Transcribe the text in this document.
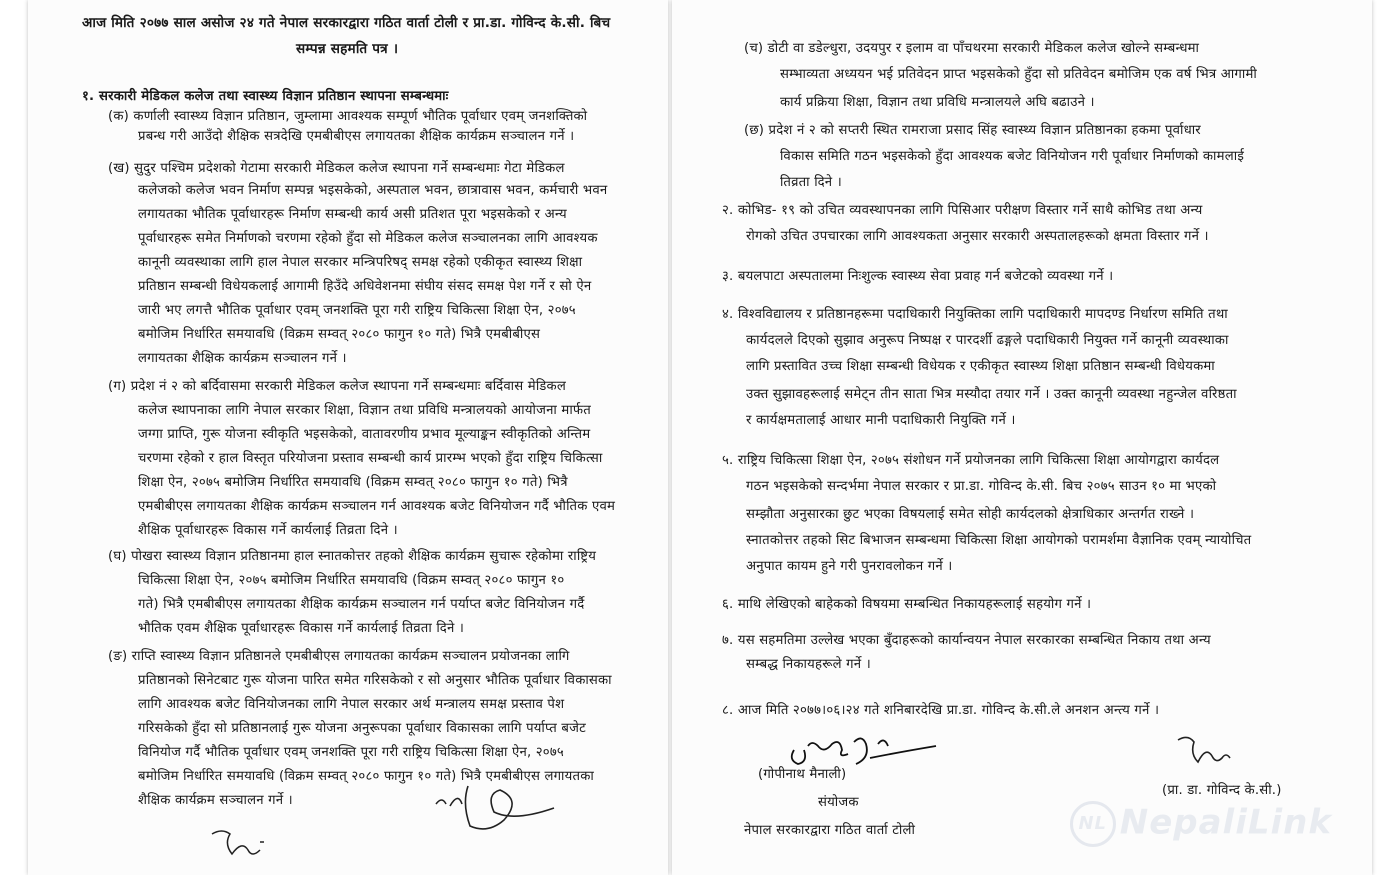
आज मिति २०७७ साल असोज २४ गते नेपाल सरकारद्वारा गठित वार्ता टोली र प्रा.डा. गोविन्द के.सी. बिच
सम्पन्न सहमति पत्र ।
१. सरकारी मेडिकल कलेज तथा स्वास्थ्य विज्ञान प्रतिष्ठान स्थापना सम्बन्धमाः
(क) कर्णाली स्वास्थ्य विज्ञान प्रतिष्ठान, जुम्लामा आवश्यक सम्पूर्ण भौतिक पूर्वाधार एवम् जनशक्तिको
प्रबन्ध गरी आउँदो शैक्षिक सत्रदेखि एमबीबीएस लगायतका शैक्षिक कार्यक्रम सञ्चालन गर्ने ।
(ख) सुदुर पश्चिम प्रदेशको गेटामा सरकारी मेडिकल कलेज स्थापना गर्ने सम्बन्धमाः गेटा मेडिकल
कलेजको कलेज भवन निर्माण सम्पन्न भइसकेको, अस्पताल भवन, छात्रावास भवन, कर्मचारी भवन
लगायतका भौतिक पूर्वाधारहरू निर्माण सम्बन्धी कार्य असी प्रतिशत पूरा भइसकेको र अन्य
पूर्वाधारहरू समेत निर्माणको चरणमा रहेको हुँदा सो मेडिकल कलेज सञ्चालनका लागि आवश्यक
कानूनी व्यवस्थाका लागि हाल नेपाल सरकार मन्त्रिपरिषद् समक्ष रहेको एकीकृत स्वास्थ्य शिक्षा
प्रतिष्ठान सम्बन्धी विधेयकलाई आगामी हिउँदे अधिवेशनमा संघीय संसद समक्ष पेश गर्ने र सो ऐन
जारी भए लगत्तै भौतिक पूर्वाधार एवम् जनशक्ति पूरा गरी राष्ट्रिय चिकित्सा शिक्षा ऐन, २०७५
बमोजिम निर्धारित समयावधि (विक्रम सम्वत् २०८० फागुन १० गते) भित्रै एमबीबीएस
लगायतका शैक्षिक कार्यक्रम सञ्चालन गर्ने ।
(ग) प्रदेश नं २ को बर्दिवासमा सरकारी मेडिकल कलेज स्थापना गर्ने सम्बन्धमाः बर्दिवास मेडिकल
कलेज स्थापनाका लागि नेपाल सरकार शिक्षा, विज्ञान तथा प्रविधि मन्त्रालयको आयोजना मार्फत
जग्गा प्राप्ति, गुरू योजना स्वीकृति भइसकेको, वातावरणीय प्रभाव मूल्याङ्कन स्वीकृतिको अन्तिम
चरणमा रहेको र हाल विस्तृत परियोजना प्रस्ताव सम्बन्धी कार्य प्रारम्भ भएको हुँदा राष्ट्रिय चिकित्सा
शिक्षा ऐन, २०७५ बमोजिम निर्धारित समयावधि (विक्रम सम्वत् २०८० फागुन १० गते) भित्रै
एमबीबीएस लगायतका शैक्षिक कार्यक्रम सञ्चालन गर्न आवश्यक बजेट विनियोजन गर्दै भौतिक एवम
शैक्षिक पूर्वाधारहरू विकास गर्ने कार्यलाई तिव्रता दिने ।
(घ) पोखरा स्वास्थ्य विज्ञान प्रतिष्ठानमा हाल स्नातकोत्तर तहको शैक्षिक कार्यक्रम सुचारू रहेकोमा राष्ट्रिय
चिकित्सा शिक्षा ऐन, २०७५ बमोजिम निर्धारित समयावधि (विक्रम सम्वत् २०८० फागुन १०
गते) भित्रै एमबीबीएस लगायतका शैक्षिक कार्यक्रम सञ्चालन गर्न पर्याप्त बजेट विनियोजन गर्दै
भौतिक एवम शैक्षिक पूर्वाधारहरू विकास गर्ने कार्यलाई तिव्रता दिने ।
(ङ) राप्ति स्वास्थ्य विज्ञान प्रतिष्ठानले एमबीबीएस लगायतका कार्यक्रम सञ्चालन प्रयोजनका लागि
प्रतिष्ठानको सिनेटबाट गुरू योजना पारित समेत गरिसकेको र सो अनुसार भौतिक पूर्वाधार विकासका
लागि आवश्यक बजेट विनियोजनका लागि नेपाल सरकार अर्थ मन्त्रालय समक्ष प्रस्ताव पेश
गरिसकेको हुँदा सो प्रतिष्ठानलाई गुरू योजना अनुरूपका पूर्वाधार विकासका लागि पर्याप्त बजेट
विनियोज गर्दै भौतिक पूर्वाधार एवम् जनशक्ति पूरा गरी राष्ट्रिय चिकित्सा शिक्षा ऐन, २०७५
बमोजिम निर्धारित समयावधि (विक्रम सम्वत् २०८० फागुन १० गते) भित्रै एमबीबीएस लगायतका
शैक्षिक कार्यक्रम सञ्चालन गर्ने ।
(च) डोटी वा डडेल्धुरा, उदयपुर र इलाम वा पाँचथरमा सरकारी मेडिकल कलेज खोल्ने सम्बन्धमा
सम्भाव्यता अध्ययन भई प्रतिवेदन प्राप्त भइसकेको हुँदा सो प्रतिवेदन बमोजिम एक वर्ष भित्र आगामी
कार्य प्रक्रिया शिक्षा, विज्ञान तथा प्रविधि मन्त्रालयले अघि बढाउने ।
(छ) प्रदेश नं २ को सप्तरी स्थित रामराजा प्रसाद सिंह स्वास्थ्य विज्ञान प्रतिष्ठानका हकमा पूर्वाधार
विकास समिति गठन भइसकेको हुँदा आवश्यक बजेट विनियोजन गरी पूर्वाधार निर्माणको कामलाई
तिव्रता दिने ।
२. कोभिड- १९ को उचित व्यवस्थापनका लागि पिसिआर परीक्षण विस्तार गर्ने साथै कोभिड तथा अन्य
रोगको उचित उपचारका लागि आवश्यकता अनुसार सरकारी अस्पतालहरूको क्षमता विस्तार गर्ने ।
३. बयलपाटा अस्पतालमा निःशुल्क स्वास्थ्य सेवा प्रवाह गर्न बजेटको व्यवस्था गर्ने ।
४. विश्वविद्यालय र प्रतिष्ठानहरूमा पदाधिकारी नियुक्तिका लागि पदाधिकारी मापदण्ड निर्धारण समिति तथा
कार्यदलले दिएको सुझाव अनुरूप निष्पक्ष र पारदर्शी ढङ्गले पदाधिकारी नियुक्त गर्ने कानूनी व्यवस्थाका
लागि प्रस्तावित उच्च शिक्षा सम्बन्धी विधेयक र एकीकृत स्वास्थ्य शिक्षा प्रतिष्ठान सम्बन्धी विधेयकमा
उक्त सुझावहरूलाई समेट्न तीन साता भित्र मस्यौदा तयार गर्ने । उक्त कानूनी व्यवस्था नहुन्जेल वरिष्ठता
र कार्यक्षमतालाई आधार मानी पदाधिकारी नियुक्ति गर्ने ।
५. राष्ट्रिय चिकित्सा शिक्षा ऐन, २०७५ संशोधन गर्ने प्रयोजनका लागि चिकित्सा शिक्षा आयोगद्वारा कार्यदल
गठन भइसकेको सन्दर्भमा नेपाल सरकार र प्रा.डा. गोविन्द के.सी. बिच २०७५ साउन १० मा भएको
सम्झौता अनुसारका छुट भएका विषयलाई समेत सोही कार्यदलको क्षेत्राधिकार अन्तर्गत राख्ने ।
स्नातकोत्तर तहको सिट बिभाजन सम्बन्धमा चिकित्सा शिक्षा आयोगको परामर्शमा वैज्ञानिक एवम् न्यायोचित
अनुपात कायम हुने गरी पुनरावलोकन गर्ने ।
६. माथि लेखिएको बाहेकको विषयमा सम्बन्धित निकायहरूलाई सहयोग गर्ने ।
७. यस सहमतिमा उल्लेख भएका बुँदाहरूको कार्यान्वयन नेपाल सरकारका सम्बन्धित निकाय तथा अन्य
सम्बद्ध निकायहरूले गर्ने ।
८. आज मिति २०७७।०६।२४ गते शनिबारदेखि प्रा.डा. गोविन्द के.सी.ले अनशन अन्त्य गर्ने ।
(गोपीनाथ मैनाली)
संयोजक
नेपाल सरकारद्वारा गठित वार्ता टोली
(प्रा. डा. गोविन्द के.सी.)
NL NepaliLink
